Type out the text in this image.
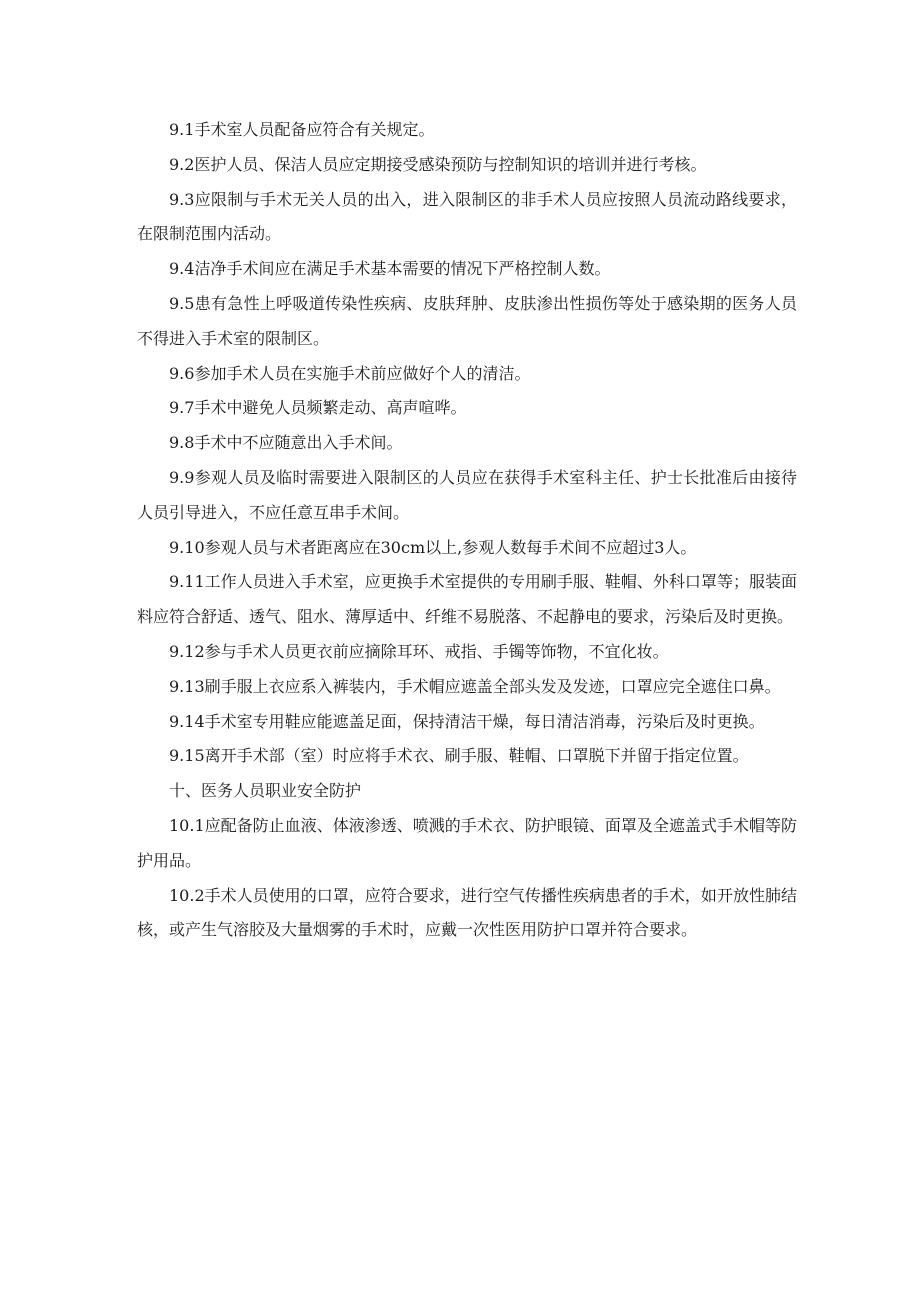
9.1手术室人员配备应符合有关规定。

9.2医护人员、保洁人员应定期接受感染预防与控制知识的培训并进行考核。

9.3应限制与手术无关人员的出入，进入限制区的非手术人员应按照人员流动路线要求，在限制范围内活动。

9.4洁净手术间应在满足手术基本需要的情况下严格控制人数。

9.5患有急性上呼吸道传染性疾病、皮肤拜肿、皮肤渗出性损伤等处于感染期的医务人员不得进入手术室的限制区。

9.6参加手术人员在实施手术前应做好个人的清洁。

9.7手术中避免人员频繁走动、高声喧哗。

9.8手术中不应随意出入手术间。

9.9参观人员及临时需要进入限制区的人员应在获得手术室科主任、护士长批准后由接待人员引导进入，不应任意互串手术间。

9.10参观人员与术者距离应在30cm以上,参观人数每手术间不应超过3人。

9.11工作人员进入手术室，应更换手术室提供的专用刷手服、鞋帽、外科口罩等；服装面料应符合舒适、透气、阻水、薄厚适中、纤维不易脱落、不起静电的要求，污染后及时更换。

9.12参与手术人员更衣前应摘除耳环、戒指、手镯等饰物，不宜化妆。

9.13刷手服上衣应系入裤装内，手术帽应遮盖全部头发及发迹，口罩应完全遮住口鼻。

9.14手术室专用鞋应能遮盖足面，保持清洁干燥，每日清洁消毒，污染后及时更换。

9.15离开手术部（室）时应将手术衣、刷手服、鞋帽、口罩脱下并留于指定位置。

十、医务人员职业安全防护

10.1应配备防止血液、体液渗透、喷溅的手术衣、防护眼镜、面罩及全遮盖式手术帽等防护用品。

10.2手术人员使用的口罩，应符合要求，进行空气传播性疾病患者的手术，如开放性肺结核，或产生气溶胶及大量烟雾的手术时，应戴一次性医用防护口罩并符合要求。
